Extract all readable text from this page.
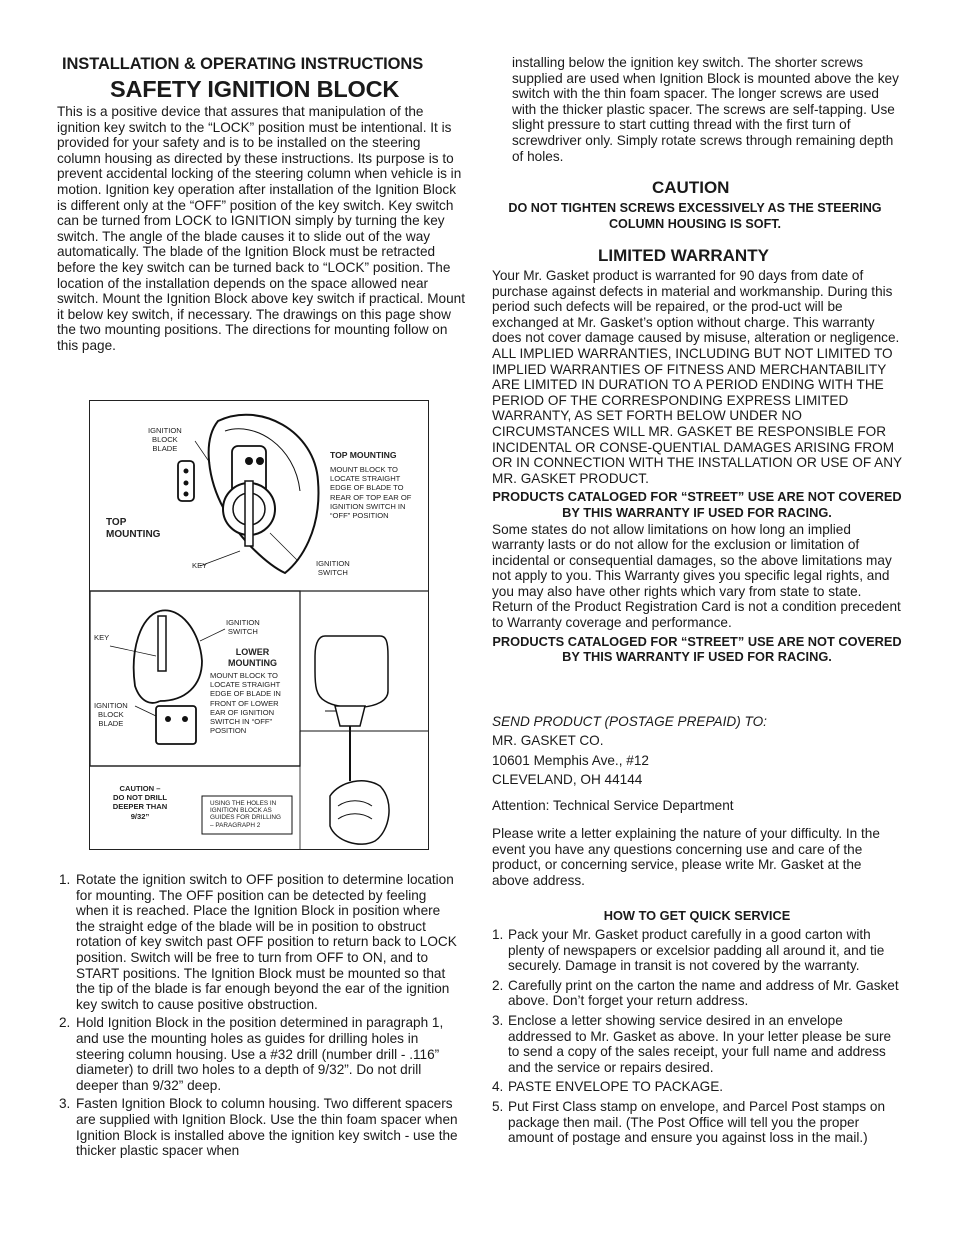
INSTALLATION & OPERATING INSTRUCTIONS
SAFETY IGNITION BLOCK

This is a positive device that assures that manipulation of the ignition key switch to the “LOCK” position must be intentional. It is provided for your safety and is to be installed on the steering column housing as directed by these instructions. Its purpose is to prevent accidental locking of the steering column when vehicle is in motion. Ignition key operation after installation of the Ignition Block is different only at the “OFF” position of the key switch. Key switch can be turned from LOCK to IGNITION simply by turning the key switch. The angle of the blade causes it to slide out of the way automatically. The blade of the Ignition Block must be retracted before the key switch can be turned back to “LOCK” position. The location of the installation depends on the space allowed near switch. Mount the Ignition Block above key switch if practical. Mount it below key switch, if necessary. The drawings on this page show the two mounting positions. The directions for mounting follow on this page.

IGNITION
BLOCK
BLADE
TOP MOUNTING
MOUNT BLOCK TO
LOCATE STRAIGHT
EDGE OF BLADE TO
REAR OF TOP EAR OF
IGNITION SWITCH IN
“OFF” POSITION
TOP
MOUNTING
KEY	IGNITION
SWITCH
KEY
IGNITION
SWITCH
LOWER
MOUNTING
MOUNT BLOCK TO
LOCATE STRAIGHT
EDGE OF BLADE IN
FRONT OF LOWER
EAR OF IGNITION
SWITCH IN “OFF”
POSITION
IGNITION
BLOCK
BLADE
CAUTION –
DO NOT DRILL
DEEPER THAN
9/32”
USING THE HOLES IN
IGNITION BLOCK AS
GUIDES FOR DRILLING
– PARAGRAPH 2
1. Rotate the ignition switch to OFF position to determine location for mounting. The OFF position can be detected by feeling when it is reached. Place the Ignition Block in position where the straight edge of the blade will be in position to obstruct rotation of key switch past OFF position to return back to LOCK position. Switch will be free to turn from OFF to ON, and to START positions. The Ignition Block must be mounted so that the tip of the blade is far enough beyond the ear of the ignition key switch to cause positive obstruction.
2. Hold Ignition Block in the position determined in paragraph 1, and use the mounting holes as guides for drilling holes in steering column housing. Use a #32 drill (number drill - .116” diameter) to drill two holes to a depth of 9/32”. Do not drill deeper than 9/32” deep.
3. Fasten Ignition Block to column housing. Two different spacers are supplied with Ignition Block. Use the thin foam spacer when Ignition Block is installed above the ignition key switch - use the thicker plastic spacer when

installing below the ignition key switch. The shorter screws supplied are used when Ignition Block is mounted above the key switch with the thin foam spacer. The longer screws are used with the thicker plastic spacer. The screws are self-tapping. Use slight pressure to start cutting thread with the first turn of screwdriver only. Simply rotate screws through remaining depth of holes.

CAUTION
DO NOT TIGHTEN SCREWS EXCESSIVELY AS THE STEERING COLUMN HOUSING IS SOFT.
LIMITED WARRANTY

Your Mr. Gasket product is warranted for 90 days from date of purchase against defects in material and workmanship. During this period such defects will be repaired, or the prod-uct will be exchanged at Mr. Gasket’s option without charge. This warranty does not cover damage caused by misuse, alteration or negligence. ALL IMPLIED WARRANTIES, INCLUDING BUT NOT LIMITED TO IMPLIED WARRANTIES OF FITNESS AND MERCHANTABILITY ARE LIMITED IN DURATION TO A PERIOD ENDING WITH THE PERIOD OF THE CORRESPONDING EXPRESS LIMITED WARRANTY, AS SET FORTH BELOW UNDER NO CIRCUMSTANCES WILL MR. GASKET BE RESPONSIBLE FOR INCIDENTAL OR CONSE-QUENTIAL DAMAGES ARISING FROM OR IN CONNECTION WITH THE INSTALLATION OR USE OF ANY MR. GASKET PRODUCT.

PRODUCTS CATALOGED FOR “STREET” USE ARE NOT COVERED BY THIS WARRANTY IF USED FOR RACING.

Some states do not allow limitations on how long an implied warranty lasts or do not allow for the exclusion or limitation of incidental or consequential damages, so the above limitations may not apply to you. This Warranty gives you specific legal rights, and you may also have other rights which vary from state to state. Return of the Product Registration Card is not a condition precedent to Warranty coverage and performance.

PRODUCTS CATALOGED FOR “STREET” USE ARE NOT COVERED BY THIS WARRANTY IF USED FOR RACING.

SEND PRODUCT (POSTAGE PREPAID) TO:

MR. GASKET CO.

10601 Memphis Ave., #12

CLEVELAND, OH 44144

Attention: Technical Service Department

Please write a letter explaining the nature of your difficulty. In the event you have any questions concerning use and care of the product, or concerning service, please write Mr. Gasket at the above address.

HOW TO GET QUICK SERVICE
1. Pack your Mr. Gasket product carefully in a good carton with plenty of newspapers or excelsior padding all around it, and tie securely. Damage in transit is not covered by the warranty.
2. Carefully print on the carton the name and address of Mr. Gasket above. Don’t forget your return address.
3. Enclose a letter showing service desired in an envelope addressed to Mr. Gasket as above. In your letter please be sure to send a copy of the sales receipt, your full name and address and the service or repairs desired.
4. PASTE ENVELOPE TO PACKAGE.
5. Put First Class stamp on envelope, and Parcel Post stamps on package then mail. (The Post Office will tell you the proper amount of postage and ensure you against loss in the mail.)
